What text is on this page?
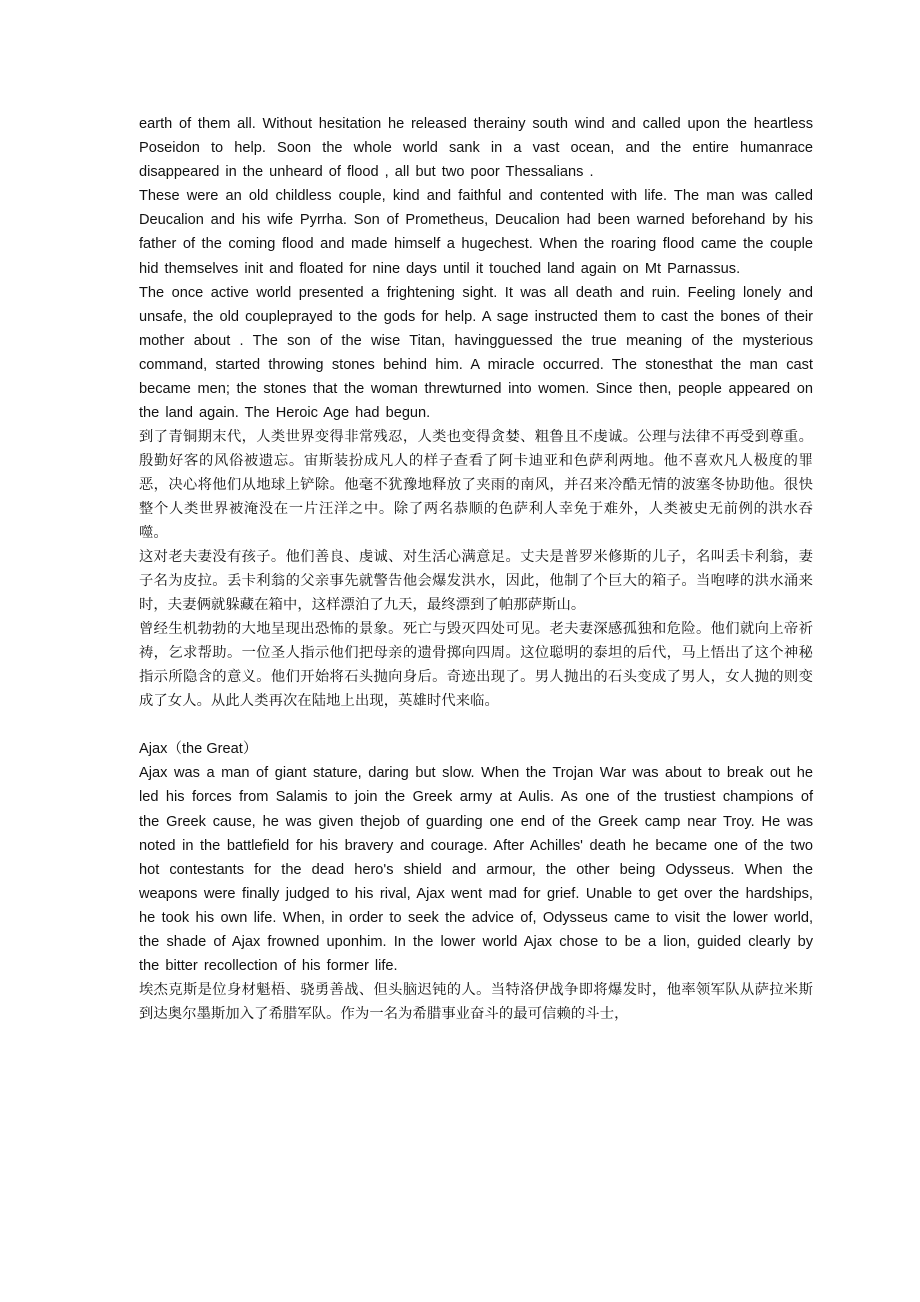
earth of them all. Without hesitation he released therainy south wind and called upon the heartless Poseidon to help. Soon the whole world sank in a vast ocean, and the entire humanrace disappeared in the unheard of flood , all but two poor Thessalians .

These were an old childless couple, kind and faithful and contented with life. The man was called Deucalion and his wife Pyrrha. Son of Prometheus, Deucalion had been warned beforehand by his father of the coming flood and made himself a hugechest. When the roaring flood came the couple hid themselves init and floated for nine days until it touched land again on Mt Parnassus.

The once active world presented a frightening sight. It was all death and ruin. Feeling lonely and unsafe, the old coupleprayed to the gods for help. A sage instructed them to cast the bones of their mother about . The son of the wise Titan, havingguessed the true meaning of the mysterious command, started throwing stones behind him. A miracle occurred. The stonesthat the man cast became men; the stones that the woman threwturned into women. Since then, people appeared on the land again. The Heroic Age had begun.

到了青铜期末代，人类世界变得非常残忍，人类也变得贪婪、粗鲁且不虔诚。公理与法律不再受到尊重。殷勤好客的风俗被遗忘。宙斯装扮成凡人的样子查看了阿卡迪亚和色萨利两地。他不喜欢凡人极度的罪恶，决心将他们从地球上铲除。他毫不犹豫地释放了夹雨的南风，并召来冷酷无情的波塞冬协助他。很快整个人类世界被淹没在一片汪洋之中。除了两名恭顺的色萨利人幸免于难外，人类被史无前例的洪水吞噬。

这对老夫妻没有孩子。他们善良、虔诚、对生活心满意足。丈夫是普罗米修斯的儿子，名叫丢卡利翁，妻子名为皮拉。丢卡利翁的父亲事先就警告他会爆发洪水，因此，他制了个巨大的箱子。当咆哮的洪水涌来时，夫妻俩就躲藏在箱中，这样漂泊了九天，最终漂到了帕那萨斯山。

曾经生机勃勃的大地呈现出恐怖的景象。死亡与毁灭四处可见。老夫妻深感孤独和危险。他们就向上帝祈祷，乞求帮助。一位圣人指示他们把母亲的遗骨掷向四周。这位聪明的泰坦的后代，马上悟出了这个神秘指示所隐含的意义。他们开始将石头抛向身后。奇迹出现了。男人抛出的石头变成了男人，女人抛的则变成了女人。从此人类再次在陆地上出现，英雄时代来临。

Ajax（the Great）

Ajax was a man of giant stature, daring but slow. When the Trojan War was about to break out he led his forces from Salamis to join the Greek army at Aulis. As one of the trustiest champions of the Greek cause, he was given thejob of guarding one end of the Greek camp near Troy. He was noted in the battlefield for his bravery and courage. After Achilles' death he became one of the two hot contestants for the dead hero's shield and armour, the other being Odysseus. When the weapons were finally judged to his rival, Ajax went mad for grief. Unable to get over the hardships, he took his own life. When, in order to seek the advice of, Odysseus came to visit the lower world, the shade of Ajax frowned uponhim. In the lower world Ajax chose to be a lion, guided clearly by the bitter recollection of his former life.

埃杰克斯是位身材魁梧、骁勇善战、但头脑迟钝的人。当特洛伊战争即将爆发时，他率领军队从萨拉米斯到达奥尔墨斯加入了希腊军队。作为一名为希腊事业奋斗的最可信赖的斗士，
